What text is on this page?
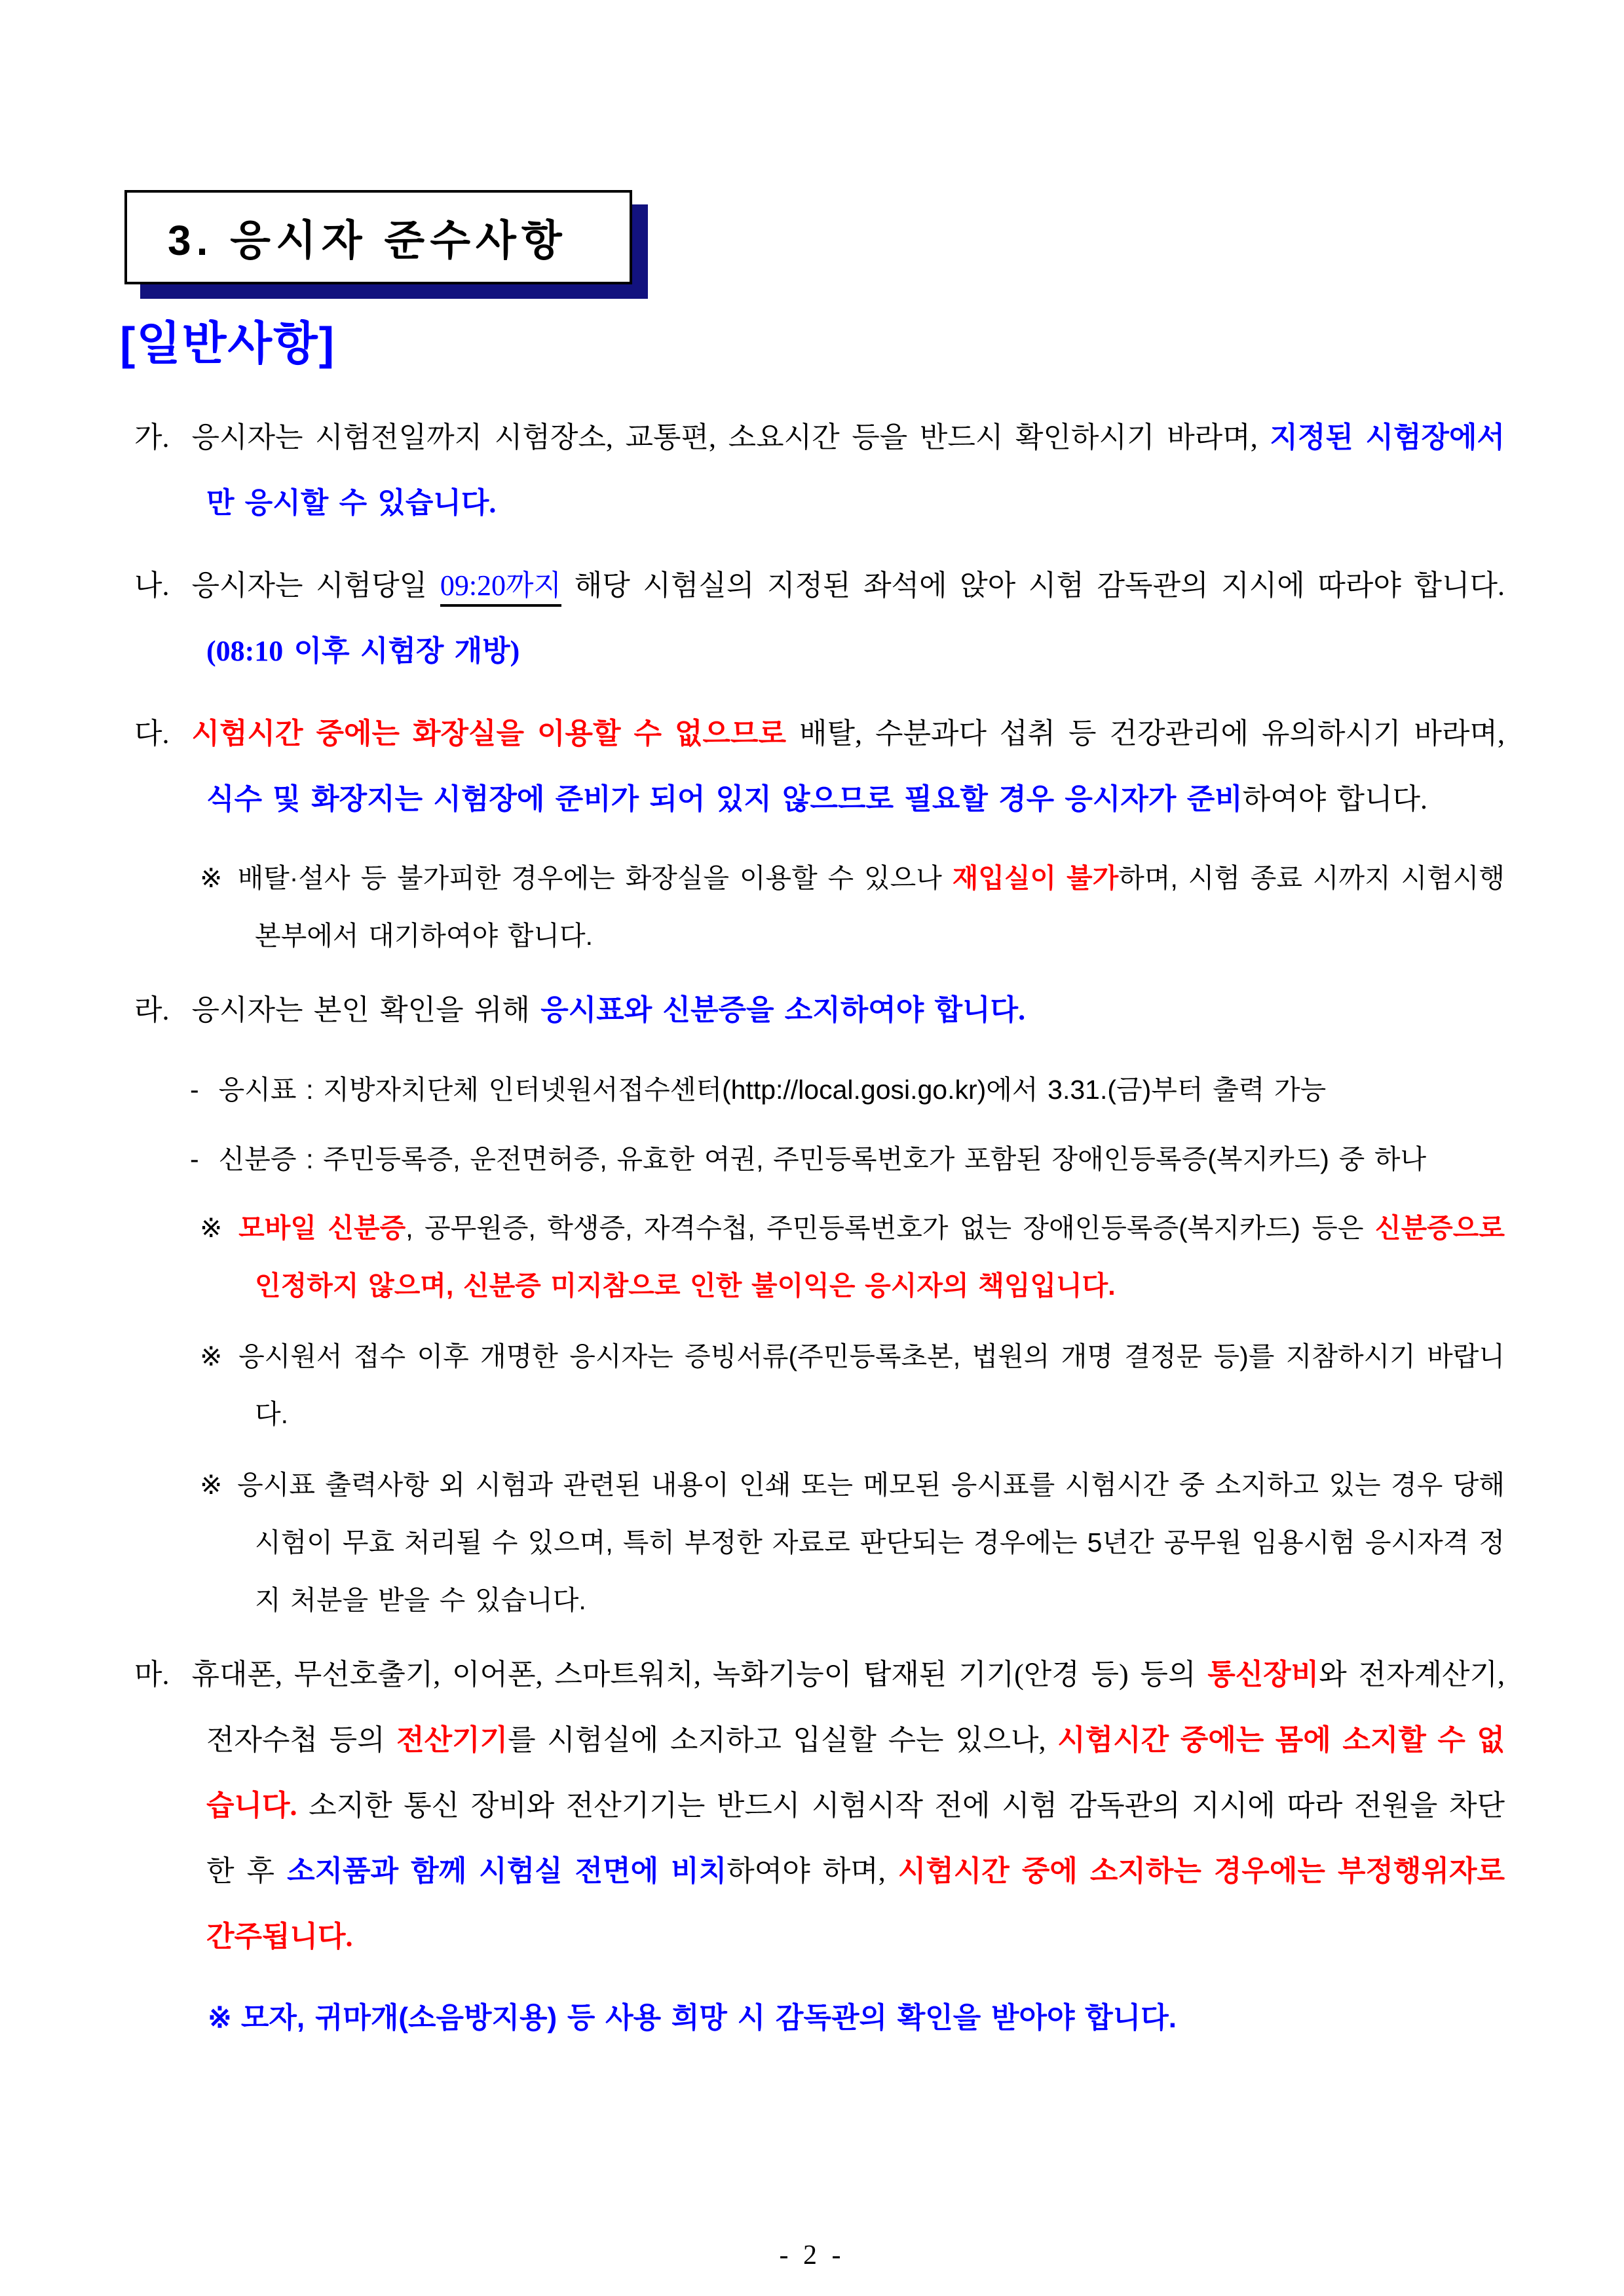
3. 응시자 준수사항
[일반사항]
가. 응시자는 시험전일까지 시험장소, 교통편, 소요시간 등을 반드시 확인하시기 바라며, 지정된 시험장에서만 응시할 수 있습니다.
나. 응시자는 시험당일 09:20까지 해당 시험실의 지정된 좌석에 앉아 시험 감독관의 지시에 따라야 합니다. (08:10 이후 시험장 개방)
다. 시험시간 중에는 화장실을 이용할 수 없으므로 배탈, 수분과다 섭취 등 건강관리에 유의하시기 바라며, 식수 및 화장지는 시험장에 준비가 되어 있지 않으므로 필요할 경우 응시자가 준비하여야 합니다.
※ 배탈·설사 등 불가피한 경우에는 화장실을 이용할 수 있으나 재입실이 불가하며, 시험 종료 시까지 시험시행본부에서 대기하여야 합니다.
라. 응시자는 본인 확인을 위해 응시표와 신분증을 소지하여야 합니다.
- 응시표 : 지방자치단체 인터넷원서접수센터(http://local.gosi.go.kr)에서 3.31.(금)부터 출력 가능
- 신분증 : 주민등록증, 운전면허증, 유효한 여권, 주민등록번호가 포함된 장애인등록증(복지카드) 중 하나
※ 모바일 신분증, 공무원증, 학생증, 자격수첩, 주민등록번호가 없는 장애인등록증(복지카드) 등은 신분증으로 인정하지 않으며, 신분증 미지참으로 인한 불이익은 응시자의 책임입니다.
※ 응시원서 접수 이후 개명한 응시자는 증빙서류(주민등록초본, 법원의 개명 결정문 등)를 지참하시기 바랍니다.
※ 응시표 출력사항 외 시험과 관련된 내용이 인쇄 또는 메모된 응시표를 시험시간 중 소지하고 있는 경우 당해시험이 무효 처리될 수 있으며, 특히 부정한 자료로 판단되는 경우에는 5년간 공무원 임용시험 응시자격 정지 처분을 받을 수 있습니다.
마. 휴대폰, 무선호출기, 이어폰, 스마트워치, 녹화기능이 탑재된 기기(안경 등) 등의 통신장비와 전자계산기, 전자수첩 등의 전산기기를 시험실에 소지하고 입실할 수는 있으나, 시험시간 중에는 몸에 소지할 수 없습니다. 소지한 통신 장비와 전산기기는 반드시 시험시작 전에 시험 감독관의 지시에 따라 전원을 차단한 후 소지품과 함께 시험실 전면에 비치하여야 하며, 시험시간 중에 소지하는 경우에는 부정행위자로 간주됩니다.
※ 모자, 귀마개(소음방지용) 등 사용 희망 시 감독관의 확인을 받아야 합니다.
- 2 -
